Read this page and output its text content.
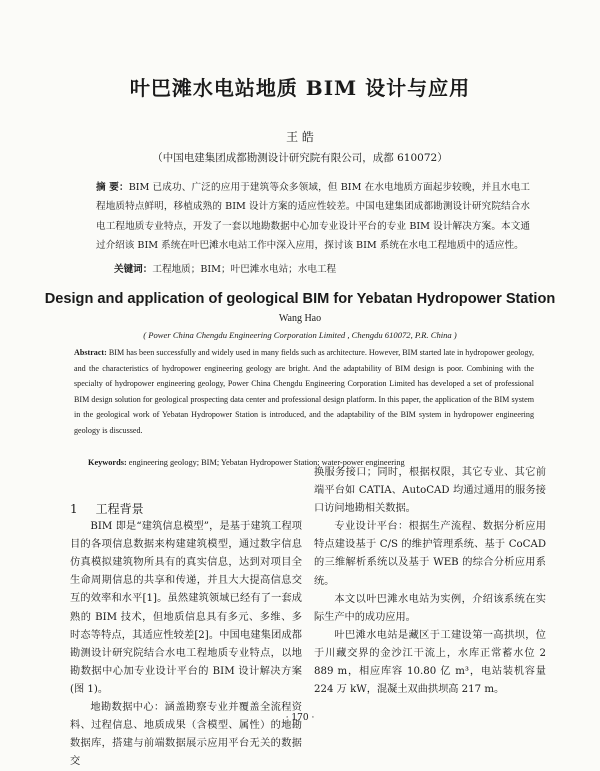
叶巴滩水电站地质 BIM 设计与应用
王 皓
（中国电建集团成都勘测设计研究院有限公司，成都 610072）
摘 要：BIM 已成功、广泛的应用于建筑等众多领域，但 BIM 在水电地质方面起步较晚，并且水电工程地质特点鲜明，移植成熟的 BIM 设计方案的适应性较差。中国电建集团成都勘测设计研究院结合水电工程地质专业特点，开发了一套以地勘数据中心加专业设计平台的专业 BIM 设计解决方案。本文通过介绍该 BIM 系统在叶巴滩水电站工作中深入应用，探讨该 BIM 系统在水电工程地质中的适应性。
关键词：工程地质；BIM；叶巴滩水电站；水电工程
Design and application of geological BIM for Yebatan Hydropower Station
Wang Hao
( Power China Chengdu Engineering Corporation Limited , Chengdu 610072, P.R. China )
Abstract: BIM has been successfully and widely used in many fields such as architecture. However, BIM started late in hydropower geology, and the characteristics of hydropower engineering geology are bright. And the adaptability of BIM design is poor. Combining with the specialty of hydropower engineering geology, Power China Chengdu Engineering Corporation Limited has developed a set of professional BIM design solution for geological prospecting data center and professional design platform. In this paper, the application of the BIM system in the geological work of Yebatan Hydropower Station is introduced, and the adaptability of the BIM system in hydropower engineering geology is discussed.
Keywords: engineering geology; BIM; Yebatan Hydropower Station; water-power engineering

1 工程背景

BIM 即是“建筑信息模型”，是基于建筑工程项目的各项信息数据来构建建筑模型，通过数字信息仿真模拟建筑物所具有的真实信息，达到对项目全生命周期信息的共享和传递，并且大大提高信息交互的效率和水平[1]。虽然建筑领域已经有了一套成熟的 BIM 技术，但地质信息具有多元、多维、多时态等特点，其适应性较差[2]。中国电建集团成都勘测设计研究院结合水电工程地质专业特点，以地勘数据中心加专业设计平台的 BIM 设计解决方案(图 1)。

地勘数据中心：涵盖勘察专业并覆盖全流程资料、过程信息、地质成果（含模型、属性）的地勘数据库，搭建与前端数据展示应用平台无关的数据交

换服务接口；同时，根据权限，其它专业、其它前端平台如 CATIA、AutoCAD 均通过通用的服务接口访问地勘相关数据。

专业设计平台：根据生产流程、数据分析应用特点建设基于 C/S 的维护管理系统、基于 CoCAD 的三维解析系统以及基于 WEB 的综合分析应用系统。

本文以叶巴滩水电站为实例，介绍该系统在实际生产中的成功应用。

叶巴滩水电站是藏区于工建设第一高拱坝，位于川藏交界的金沙江干流上，水库正常蓄水位 2 889 m，相应库容 10.80 亿 m³，电站装机容量 224 万 kW，混凝土双曲拱坝高 217 m。

· 170 ·
